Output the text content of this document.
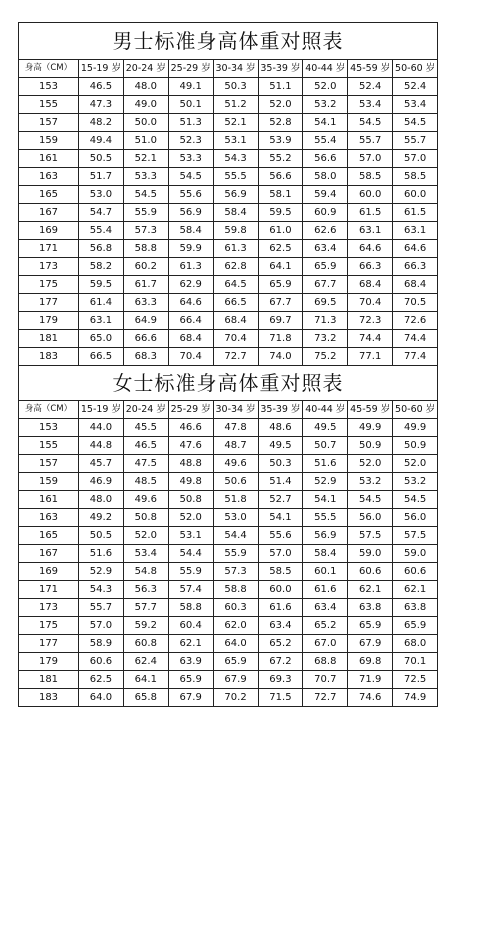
男士标准身高体重对照表								
身高（CM）	15-19 岁	20-24 岁	25-29 岁	30-34 岁	35-39 岁	40-44 岁	45-59 岁	50-60 岁
153	46.5	48.0	49.1	50.3	51.1	52.0	52.4	52.4
155	47.3	49.0	50.1	51.2	52.0	53.2	53.4	53.4
157	48.2	50.0	51.3	52.1	52.8	54.1	54.5	54.5
159	49.4	51.0	52.3	53.1	53.9	55.4	55.7	55.7
161	50.5	52.1	53.3	54.3	55.2	56.6	57.0	57.0
163	51.7	53.3	54.5	55.5	56.6	58.0	58.5	58.5
165	53.0	54.5	55.6	56.9	58.1	59.4	60.0	60.0
167	54.7	55.9	56.9	58.4	59.5	60.9	61.5	61.5
169	55.4	57.3	58.4	59.8	61.0	62.6	63.1	63.1
171	56.8	58.8	59.9	61.3	62.5	63.4	64.6	64.6
173	58.2	60.2	61.3	62.8	64.1	65.9	66.3	66.3
175	59.5	61.7	62.9	64.5	65.9	67.7	68.4	68.4
177	61.4	63.3	64.6	66.5	67.7	69.5	70.4	70.5
179	63.1	64.9	66.4	68.4	69.7	71.3	72.3	72.6
181	65.0	66.6	68.4	70.4	71.8	73.2	74.4	74.4
183	66.5	68.3	70.4	72.7	74.0	75.2	77.1	77.4
女士标准身高体重对照表								
身高（CM）	15-19 岁	20-24 岁	25-29 岁	30-34 岁	35-39 岁	40-44 岁	45-59 岁	50-60 岁
153	44.0	45.5	46.6	47.8	48.6	49.5	49.9	49.9
155	44.8	46.5	47.6	48.7	49.5	50.7	50.9	50.9
157	45.7	47.5	48.8	49.6	50.3	51.6	52.0	52.0
159	46.9	48.5	49.8	50.6	51.4	52.9	53.2	53.2
161	48.0	49.6	50.8	51.8	52.7	54.1	54.5	54.5
163	49.2	50.8	52.0	53.0	54.1	55.5	56.0	56.0
165	50.5	52.0	53.1	54.4	55.6	56.9	57.5	57.5
167	51.6	53.4	54.4	55.9	57.0	58.4	59.0	59.0
169	52.9	54.8	55.9	57.3	58.5	60.1	60.6	60.6
171	54.3	56.3	57.4	58.8	60.0	61.6	62.1	62.1
173	55.7	57.7	58.8	60.3	61.6	63.4	63.8	63.8
175	57.0	59.2	60.4	62.0	63.4	65.2	65.9	65.9
177	58.9	60.8	62.1	64.0	65.2	67.0	67.9	68.0
179	60.6	62.4	63.9	65.9	67.2	68.8	69.8	70.1
181	62.5	64.1	65.9	67.9	69.3	70.7	71.9	72.5
183	64.0	65.8	67.9	70.2	71.5	72.7	74.6	74.9
